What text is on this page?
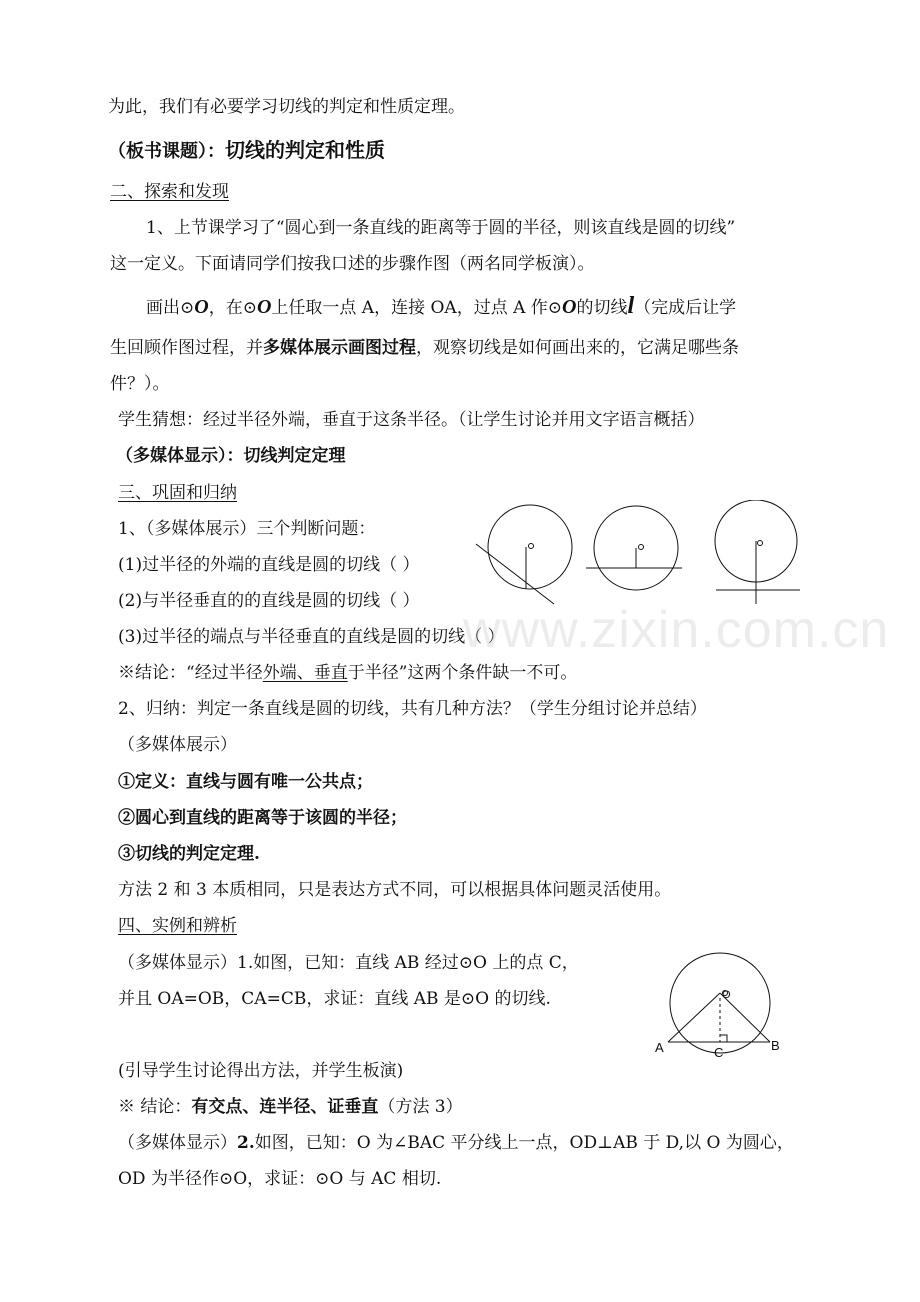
为此，我们有必要学习切线的判定和性质定理。
（板书课题）：切线的判定和性质
二、探索和发现
1、上节课学习了“圆心到一条直线的距离等于圆的半径，则该直线是圆的切线”
这一定义。下面请同学们按我口述的步骤作图（两名同学板演）。
画出⊙O，在⊙O上任取一点 A，连接 OA，过点 A 作⊙O的切线l（完成后让学
生回顾作图过程，并多媒体展示画图过程，观察切线是如何画出来的，它满足哪些条
件？）。
学生猜想：经过半径外端，垂直于这条半径。（让学生讨论并用文字语言概括）
（多媒体显示）：切线判定定理
三、巩固和归纳
1、（多媒体展示）三个判断问题：
(1)过半径的外端的直线是圆的切线（ ）
(2)与半径垂直的的直线是圆的切线（ ）
(3)过半径的端点与半径垂直的直线是圆的切线（ ）
www.zixin.com.cn
※结论：“经过半径外端、垂直于半径”这两个条件缺一不可。
2、归纳：判定一条直线是圆的切线，共有几种方法？（学生分组讨论并总结）
（多媒体展示）
①定义：直线与圆有唯一公共点；
②圆心到直线的距离等于该圆的半径；
③切线的判定定理.
方法 2 和 3 本质相同，只是表达方式不同，可以根据具体问题灵活使用。
四、实例和辨析
（多媒体显示）1.如图，已知：直线 AB 经过⊙O 上的点 C，
并且 OA=OB，CA=CB，求证：直线 AB 是⊙O 的切线.
A	B
C
O
(引导学生讨论得出方法，并学生板演)
※ 结论：有交点、连半径、证垂直（方法 3）
（多媒体显示）2.如图，已知：O 为∠BAC 平分线上一点，OD⊥AB 于 D,以 O 为圆心，
OD 为半径作⊙O，求证：⊙O 与 AC 相切.
